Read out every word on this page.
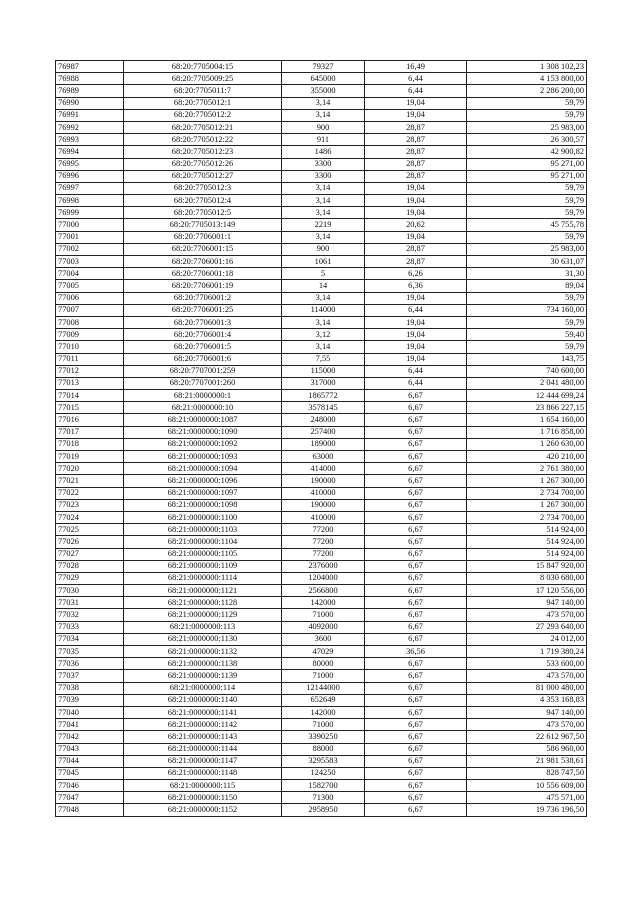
76987	68:20:7705004:15	79327	16,49	1 308 102,23
76988	68:20:7705009:25	645000	6,44	4 153 800,00
76989	68:20:7705011:7	355000	6,44	2 286 200,00
76990	68:20:7705012:1	3,14	19,04	59,79
76991	68:20:7705012:2	3,14	19,04	59,79
76992	68:20:7705012:21	900	28,87	25 983,00
76993	68:20:7705012:22	911	28,87	26 300,57
76994	68:20:7705012:23	1486	28,87	42 900,82
76995	68:20:7705012:26	3300	28,87	95 271,00
76996	68:20:7705012:27	3300	28,87	95 271,00
76997	68:20:7705012:3	3,14	19,04	59,79
76998	68:20:7705012:4	3,14	19,04	59,79
76999	68:20:7705012:5	3,14	19,04	59,79
77000	68:20:7705013:149	2219	20,62	45 755,78
77001	68:20:7706001:1	3,14	19,04	59,79
77002	68:20:7706001:15	900	28,87	25 983,00
77003	68:20:7706001:16	1061	28,87	30 631,07
77004	68:20:7706001:18	5	6,26	31,30
77005	68:20:7706001:19	14	6,36	89,04
77006	68:20:7706001:2	3,14	19,04	59,79
77007	68:20:7706001:25	114000	6,44	734 160,00
77008	68:20:7706001:3	3,14	19,04	59,79
77009	68:20:7706001:4	3,12	19,04	59,40
77010	68:20:7706001:5	3,14	19,04	59,79
77011	68:20:7706001:6	7,55	19,04	143,75
77012	68:20:7707001:259	115000	6,44	740 600,00
77013	68:20:7707001:260	317000	6,44	2 041 480,00
77014	68:21:0000000:1	1865772	6,67	12 444 699,24
77015	68:21:0000000:10	3578145	6,67	23 866 227,15
77016	68:21:0000000:1087	248000	6,67	1 654 160,00
77017	68:21:0000000:1090	257400	6,67	1 716 858,00
77018	68:21:0000000:1092	189000	6,67	1 260 630,00
77019	68:21:0000000:1093	63000	6,67	420 210,00
77020	68:21:0000000:1094	414000	6,67	2 761 380,00
77021	68:21:0000000:1096	190000	6,67	1 267 300,00
77022	68:21:0000000:1097	410000	6,67	2 734 700,00
77023	68:21:0000000:1098	190000	6,67	1 267 300,00
77024	68:21:0000000:1100	410000	6,67	2 734 700,00
77025	68:21:0000000:1103	77200	6,67	514 924,00
77026	68:21:0000000:1104	77200	6,67	514 924,00
77027	68:21:0000000:1105	77200	6,67	514 924,00
77028	68:21:0000000:1109	2376000	6,67	15 847 920,00
77029	68:21:0000000:1114	1204000	6,67	8 030 680,00
77030	68:21:0000000:1121	2566800	6,67	17 120 556,00
77031	68:21:0000000:1128	142000	6,67	947 140,00
77032	68:21:0000000:1129	71000	6,67	473 570,00
77033	68:21:0000000:113	4092000	6,67	27 293 640,00
77034	68:21:0000000:1130	3600	6,67	24 012,00
77035	68:21:0000000:1132	47029	36,56	1 719 380,24
77036	68:21:0000000:1138	80000	6,67	533 600,00
77037	68:21:0000000:1139	71000	6,67	473 570,00
77038	68:21:0000000:114	12144000	6,67	81 000 480,00
77039	68:21:0000000:1140	652649	6,67	4 353 168,83
77040	68:21:0000000:1141	142000	6,67	947 140,00
77041	68:21:0000000:1142	71000	6,67	473 570,00
77042	68:21:0000000:1143	3390250	6,67	22 612 967,50
77043	68:21:0000000:1144	88000	6,67	586 960,00
77044	68:21:0000000:1147	3295583	6,67	21 981 538,61
77045	68:21:0000000:1148	124250	6,67	828 747,50
77046	68:21:0000000:115	1582700	6,67	10 556 609,00
77047	68:21:0000000:1150	71300	6,67	475 571,00
77048	68:21:0000000:1152	2958950	6,67	19 736 196,50
